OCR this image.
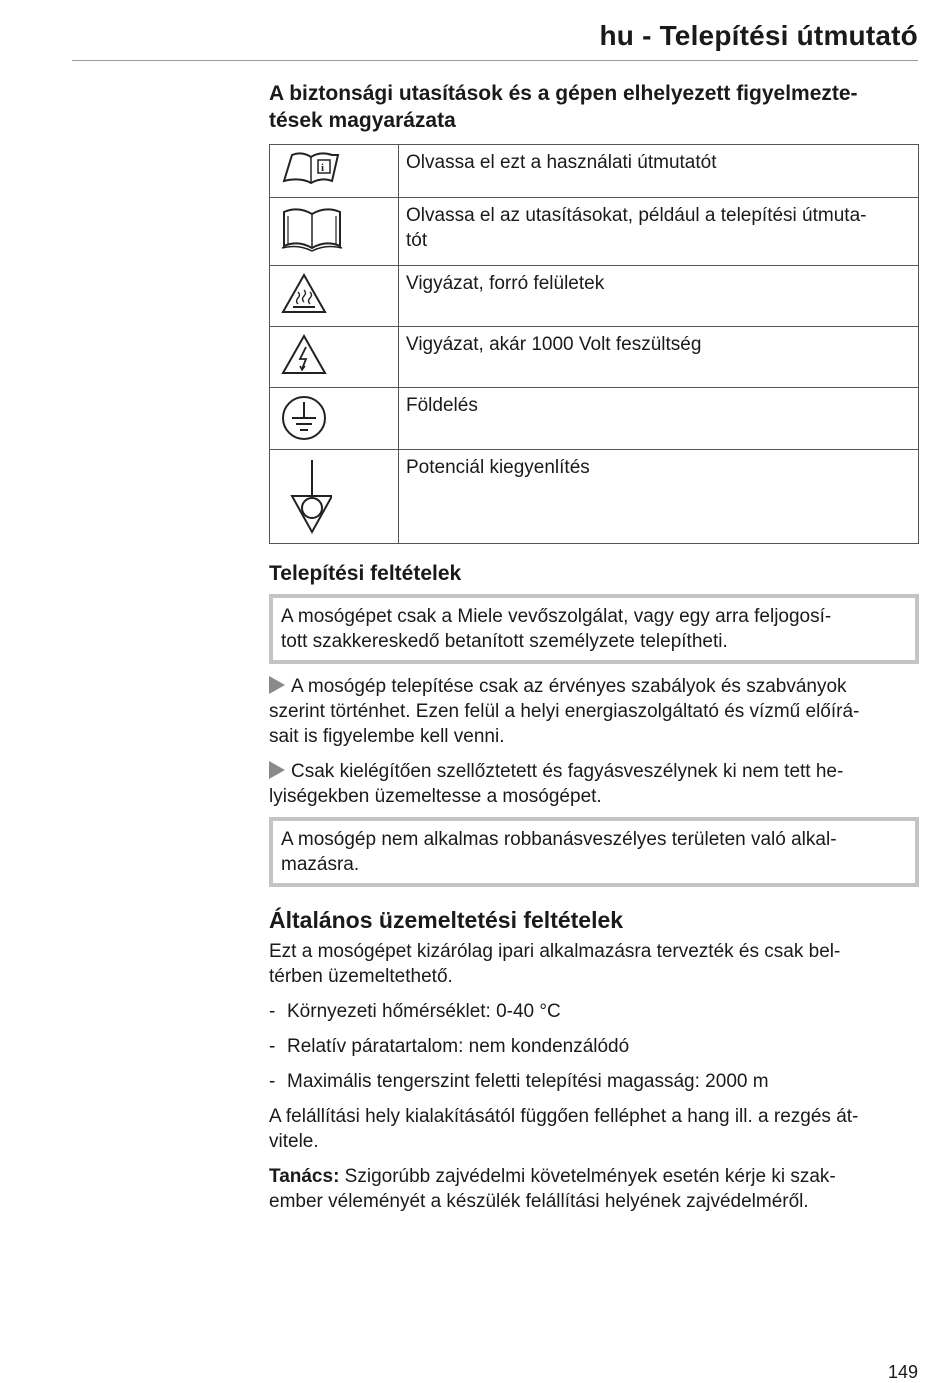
hu - Telepítési útmutató
A biztonsági utasítások és a gépen elhelyezett figyelmezte-
tések magyarázata
i	Olvassa el ezt a használati útmutatót

	Olvassa el az utasításokat, például a telepítési útmuta-
tót

	Vigyázat, forró felületek

	Vigyázat, akár 1000 Volt feszültség

	Földelés

	Potenciál kiegyenlítés
Telepítési feltételek
A mosógépet csak a Miele vevőszolgálat, vagy egy arra feljogosí-
tott szakkereskedő betanított személyzete telepítheti.

A mosógép telepítése csak az érvényes szabályok és szabványok
szerint történhet. Ezen felül a helyi energiaszolgáltató és vízmű előírá-
sait is figyelembe kell venni.

Csak kielégítően szellőztetett és fagyásveszélynek ki nem tett he-
lyiségekben üzemeltesse a mosógépet.

A mosógép nem alkalmas robbanásveszélyes területen való alkal-
mazásra.
Általános üzemeltetési feltételek

Ezt a mosógépet kizárólag ipari alkalmazásra tervezték és csak bel-
térben üzemeltethető.

- Környezeti hőmérséklet: 0-40 °C
- Relatív páratartalom: nem kondenzálódó
- Maximális tengerszint feletti telepítési magasság: 2000 m

A felállítási hely kialakításától függően felléphet a hang ill. a rezgés át-
vitele.

Tanács: Szigorúbb zajvédelmi követelmények esetén kérje ki szak-
ember véleményét a készülék felállítási helyének zajvédelméről.

149
